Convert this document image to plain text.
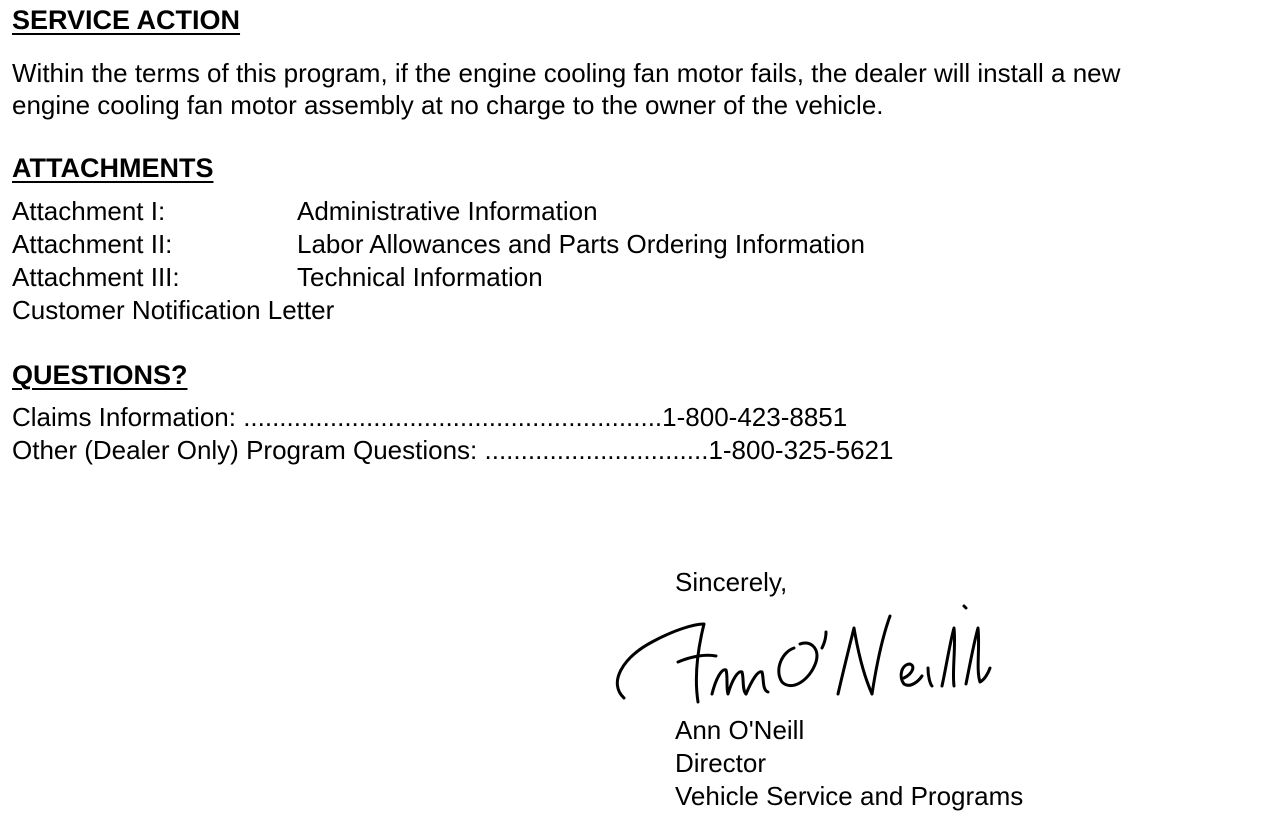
SERVICE ACTION
Within the terms of this program, if the engine cooling fan motor fails, the dealer will install a new
engine cooling fan motor assembly at no charge to the owner of the vehicle.
ATTACHMENTS
Attachment I:	Administrative Information
Attachment II:	Labor Allowances and Parts Ordering Information
Attachment III:	Technical Information
Customer Notification Letter
QUESTIONS?
Claims Information: ..........................................................1-800-423-8851
Other (Dealer Only) Program Questions: ...............................1-800-325-5621
Sincerely,
Ann O'Neill
Ann O'Neill
Director
Vehicle Service and Programs
